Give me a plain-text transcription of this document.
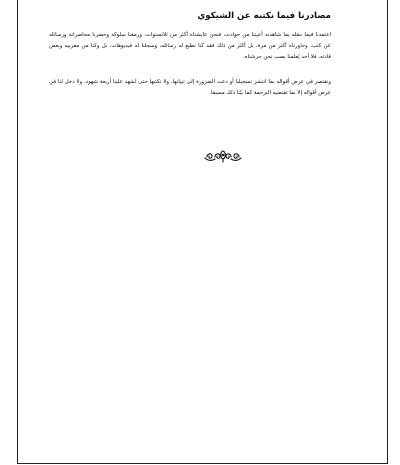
مصادرنا فيما نكتبه عن الشيكوي

اعتمدنا فيما ننقله بما شاهدنه أعيننا من حوادث، فنحن عايشناه أكثر من ثلاثسنوات، ورمقنا سلوكه وحضرنا محاضراته ورسائله عن كثب، وحاورناه أكثر من مرة، بل أكثر من ذلك فقد كنا نطبع له رسائله، وسجلنا له فيديوهات، بل وكنا من مقربيه وبعض قادته، فلا أحد يُعلمنا بصب نحن حرشناه.

ونقتصر في عرض أقواله بما انتشر تسجيليا أو دعت الضرورة إلى تبيانها، ولا نكتبها حتى نُشهد علينا أربعة شهود، ولا دخل لنا في عرض أقواله إلا بما تقتضيه الترجمة كما بيّنا ذلك مسبقا.
